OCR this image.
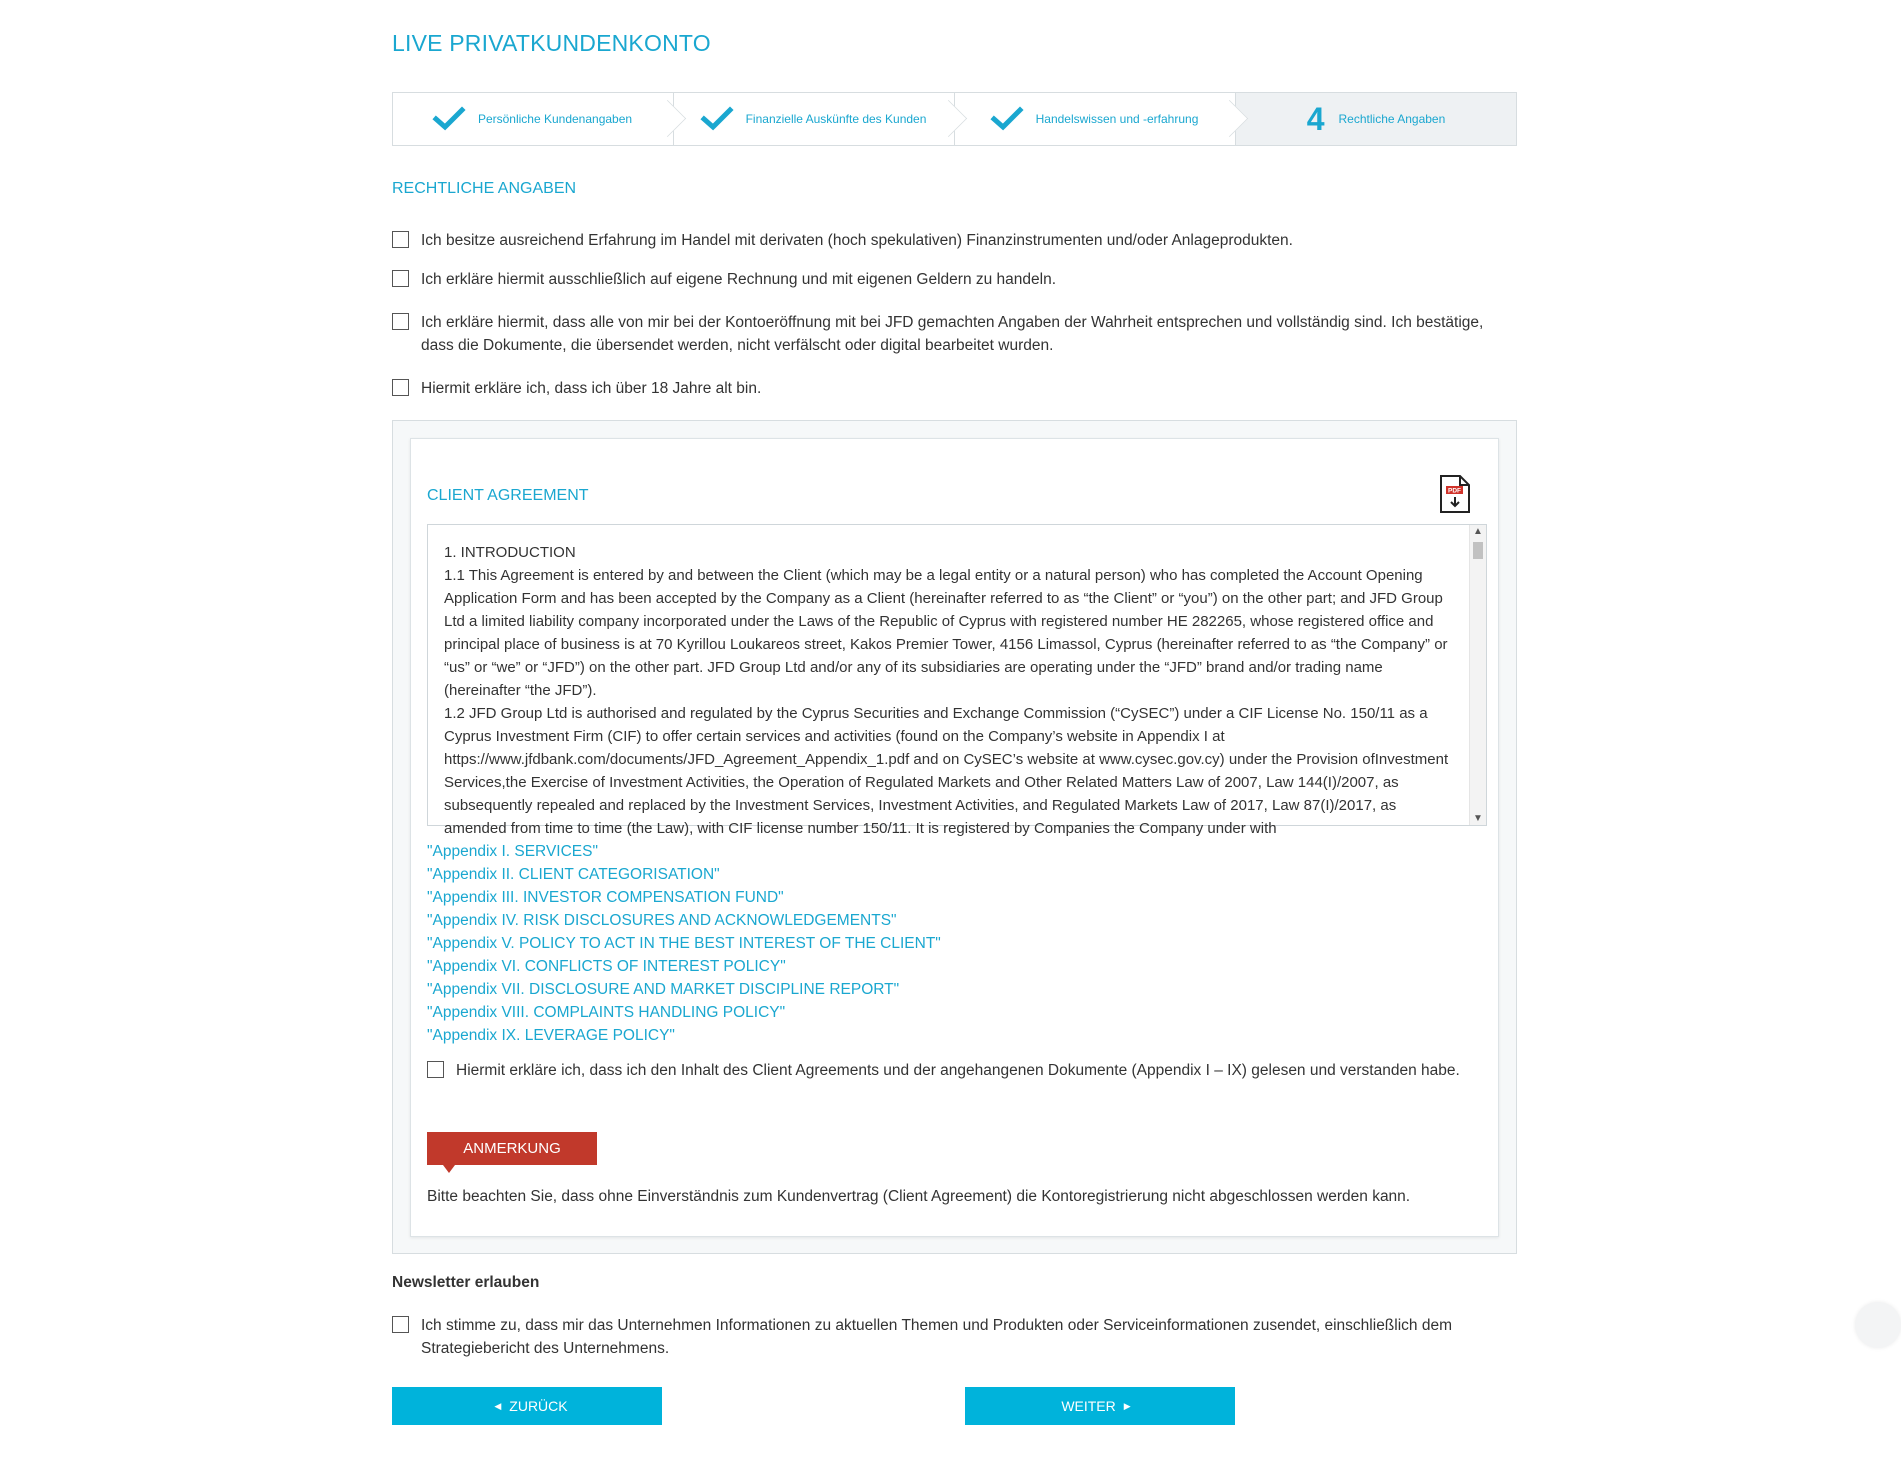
LIVE PRIVATKUNDENKONTO
Persönliche Kundenangaben	Finanzielle Auskünfte des Kunden	Handelswissen und -erfahrung	4 Rechtliche Angaben
RECHTLICHE ANGABEN
Ich besitze ausreichend Erfahrung im Handel mit derivaten (hoch spekulativen) Finanzinstrumenten und/oder Anlageprodukten.
Ich erkläre hiermit ausschließlich auf eigene Rechnung und mit eigenen Geldern zu handeln.
Ich erkläre hiermit, dass alle von mir bei der Kontoeröffnung mit bei JFD gemachten Angaben der Wahrheit entsprechen und vollständig sind. Ich bestätige, dass die Dokumente, die übersendet werden, nicht verfälscht oder digital bearbeitet wurden.
Hiermit erkläre ich, dass ich über 18 Jahre alt bin.
CLIENT AGREEMENT	PDF

1. INTRODUCTION

1.1 This Agreement is entered by and between the Client (which may be a legal entity or a natural person) who has completed the Account Opening Application Form and has been accepted by the Company as a Client (hereinafter referred to as “the Client” or “you”) on the other part; and JFD Group Ltd a limited liability company incorporated under the Laws of the Republic of Cyprus with registered number HE 282265, whose registered office and principal place of business is at 70 Kyrillou Loukareos street, Kakos Premier Tower, 4156 Limassol, Cyprus (hereinafter referred to as “the Company” or “us” or “we” or “JFD”) on the other part. JFD Group Ltd and/or any of its subsidiaries are operating under the “JFD” brand and/or trading name (hereinafter “the JFD”).

1.2 JFD Group Ltd is authorised and regulated by the Cyprus Securities and Exchange Commission (“CySEC”) under a CIF License No. 150/11 as a Cyprus Investment Firm (CIF) to offer certain services and activities (found on the Company’s website in Appendix I at https://www.jfdbank.com/documents/JFD_Agreement_Appendix_1.pdf and on CySEC’s website at www.cysec.gov.cy) under the Provision ofInvestment Services,the Exercise of Investment Activities, the Operation of Regulated Markets and Other Related Matters Law of 2007, Law 144(I)/2007, as subsequently repealed and replaced by the Investment Services, Investment Activities, and Regulated Markets Law of 2017, Law 87(I)/2017, as amended from time to time (the Law), with CIF license number 150/11. It is registered by Companies the Company under with

▲
▼
"Appendix I. SERVICES"
"Appendix II. CLIENT CATEGORISATION"
"Appendix III. INVESTOR COMPENSATION FUND"
"Appendix IV. RISK DISCLOSURES AND ACKNOWLEDGEMENTS"
"Appendix V. POLICY TO ACT IN THE BEST INTEREST OF THE CLIENT"
"Appendix VI. CONFLICTS OF INTEREST POLICY"
"Appendix VII. DISCLOSURE AND MARKET DISCIPLINE REPORT"
"Appendix VIII. COMPLAINTS HANDLING POLICY"
"Appendix IX. LEVERAGE POLICY"
Hiermit erkläre ich, dass ich den Inhalt des Client Agreements und der angehangenen Dokumente (Appendix I – IX) gelesen und verstanden habe.
ANMERKUNG
Bitte beachten Sie, dass ohne Einverständnis zum Kundenvertrag (Client Agreement) die Kontoregistrierung nicht abgeschlossen werden kann.
Newsletter erlauben
Ich stimme zu, dass mir das Unternehmen Informationen zu aktuellen Themen und Produkten oder Serviceinformationen zusendet, einschließlich dem Strategiebericht des Unternehmens.
◀ ZURÜCK	WEITER ▶
